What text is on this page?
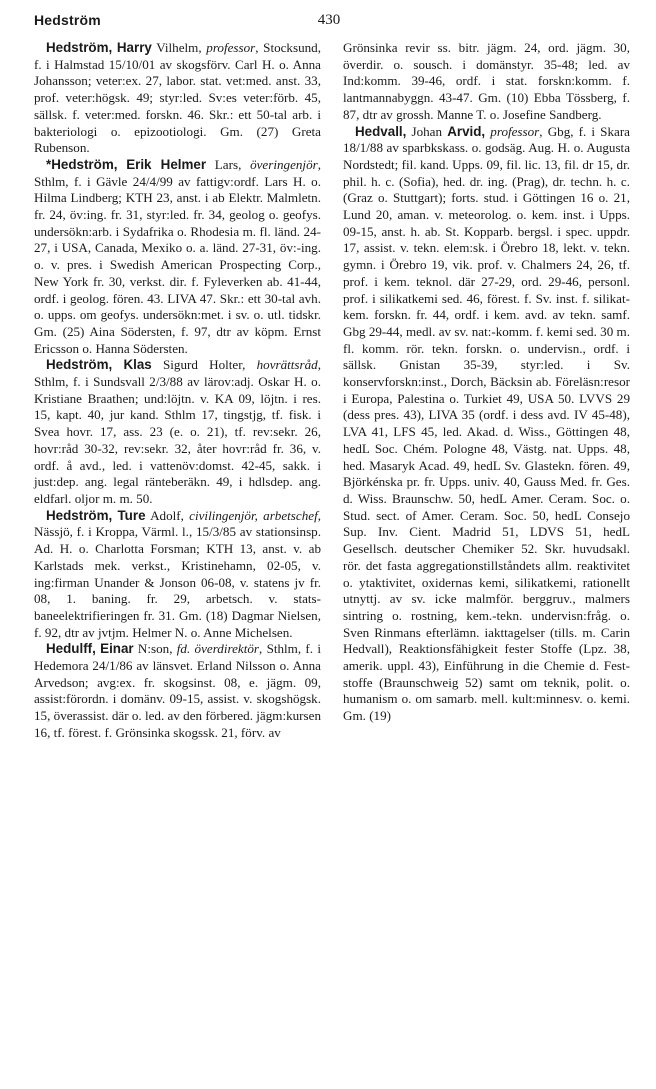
Hedström	430

Hedström, Harry Vilhelm, professor, Stocksund, f. i Halmstad 15/10/01 av skogsförv. Carl H. o. Anna Johansson; veter:ex. 27, labor. stat. vet:med. anst. 33, prof. veter:högsk. 49; styr:led. Sv:es veter:förb. 45, sällsk. f. veter:med. forskn. 46. Skr.: ett 50-tal arb. i bakteriologi o. epizootiologi. Gm. (27) Greta Rubenson.

*Hedström, Erik Helmer Lars, överingenjör, Sthlm, f. i Gävle 24/4/99 av fattigv:ordf. Lars H. o. Hilma Lindberg; KTH 23, anst. i ab Elektr. Malmletn. fr. 24, öv:ing. fr. 31, styr:led. fr. 34, geolog o. geofys. undersökn:arb. i Sydafrika o. Rhodesia m. fl. länd. 24-27, i USA, Canada, Mexiko o. a. länd. 27-31, öv:-ing. o. v. pres. i Swedish American Prospecting Corp., New York fr. 30, verkst. dir. f. Fyleverken ab. 41-44, ordf. i geolog. fören. 43. LIVA 47. Skr.: ett 30-tal avh. o. upps. om geofys. undersökn:met. i sv. o. utl. tidskr. Gm. (25) Aina Södersten, f. 97, dtr av köpm. Ernst Ericsson o. Hanna Södersten.

Hedström, Klas Sigurd Holter, hovrättsråd, Sthlm, f. i Sundsvall 2/3/88 av lärov:adj. Oskar H. o. Kristiane Braathen; und:löjtn. v. KA 09, löjtn. i res. 15, kapt. 40, jur kand. Sthlm 17, tingstjg, tf. fisk. i Svea hovr. 17, ass. 23 (e. o. 21), tf. rev:sekr. 26, hovr:råd 30-32, rev:sekr. 32, åter hovr:råd fr. 36, v. ordf. å avd., led. i vattenöv:domst. 42-45, sakk. i just:dep. ang. legal ränteberäkn. 49, i hdlsdep. ang. eldfarl. oljor m. m. 50.

Hedström, Ture Adolf, civilingenjör, arbetschef, Nässjö, f. i Kroppa, Värml. l., 15/3/85 av stationsinsp. Ad. H. o. Charlotta Forsman; KTH 13, anst. v. ab Karlstads mek. verkst., Kristinehamn, 02-05, v. ing:firman Unander & Jonson 06-08, v. statens jv fr. 08, 1. baning. fr. 29, arbetsch. v. statsbaneelektrifieringen fr. 31. Gm. (18) Dagmar Nielsen, f. 92, dtr av jvtjm. Helmer N. o. Anne Michelsen.

Hedulff, Einar N:son, fd. överdirektör, Sthlm, f. i Hedemora 24/1/86 av länsvet. Erland Nilsson o. Anna Arvedson; avg:ex. fr. skogsinst. 08, e. jägm. 09, assist:förordn. i domänv. 09-15, assist. v. skogshögsk. 15, överassist. där o. led. av den förbered. jägm:kursen 16, tf. förest. f. Grönsinka skogssk. 21, förv. av

Grönsinka revir ss. bitr. jägm. 24, ord. jägm. 30, överdir. o. sousch. i domänstyr. 35-48; led. av Ind:komm. 39-46, ordf. i stat. forskn:komm. f. lantmannabyggn. 43-47. Gm. (10) Ebba Tössberg, f. 87, dtr av grossh. Manne T. o. Josefine Sandberg.

Hedvall, Johan Arvid, professor, Gbg, f. i Skara 18/1/88 av sparbkskass. o. godsäg. Aug. H. o. Augusta Nordstedt; fil. kand. Upps. 09, fil. lic. 13, fil. dr 15, dr. phil. h. c. (Sofia), hed. dr. ing. (Prag), dr. techn. h. c. (Graz o. Stuttgart); forts. stud. i Göttingen 16 o. 21, Lund 20, aman. v. meteorolog. o. kem. inst. i Upps. 09-15, anst. h. ab. St. Kopparb. bergsl. i spec. uppdr. 17, assist. v. tekn. elem:sk. i Örebro 18, lekt. v. tekn. gymn. i Örebro 19, vik. prof. v. Chalmers 24, 26, tf. prof. i kem. teknol. där 27-29, ord. 29-46, personl. prof. i silikatkemi sed. 46, förest. f. Sv. inst. f. silikatkem. forskn. fr. 44, ordf. i kem. avd. av tekn. samf. Gbg 29-44, medl. av sv. nat:-komm. f. kemi sed. 30 m. fl. komm. rör. tekn. forskn. o. undervisn., ordf. i sällsk. Gnistan 35-39, styr:led. i Sv. konservforskn:inst., Dorch, Bäcksin ab. Föreläsn:resor i Europa, Palestina o. Turkiet 49, USA 50. LVVS 29 (dess pres. 43), LIVA 35 (ordf. i dess avd. IV 45-48), LVA 41, LFS 45, led. Akad. d. Wiss., Göttingen 48, hedL Soc. Chém. Pologne 48, Västg. nat. Upps. 48, hed. Masaryk Acad. 49, hedL Sv. Glastekn. fören. 49, Björkénska pr. fr. Upps. univ. 40, Gauss Med. fr. Ges. d. Wiss. Braunschw. 50, hedL Amer. Ceram. Soc. o. Stud. sect. of Amer. Ceram. Soc. 50, hedL Consejo Sup. Inv. Cient. Madrid 51, LDVS 51, hedL Gesellsch. deutscher Chemiker 52. Skr. huvudsakl. rör. det fasta aggregationstillståndets allm. reaktivitet o. ytaktivitet, oxidernas kemi, silikatkemi, rationellt utnyttj. av sv. icke malmför. berggruv., malmers sintring o. rostning, kem.-tekn. undervisn:fråg. o. Sven Rinmans efterlämn. iakttagelser (tills. m. Carin Hedvall), Reaktionsfähigkeit fester Stoffe (Lpz. 38, amerik. uppl. 43), Einführung in die Chemie d. Feststoffe (Braunschweig 52) samt om teknik, polit. o. humanism o. om samarb. mell. kult:minnesv. o. kemi. Gm. (19)
